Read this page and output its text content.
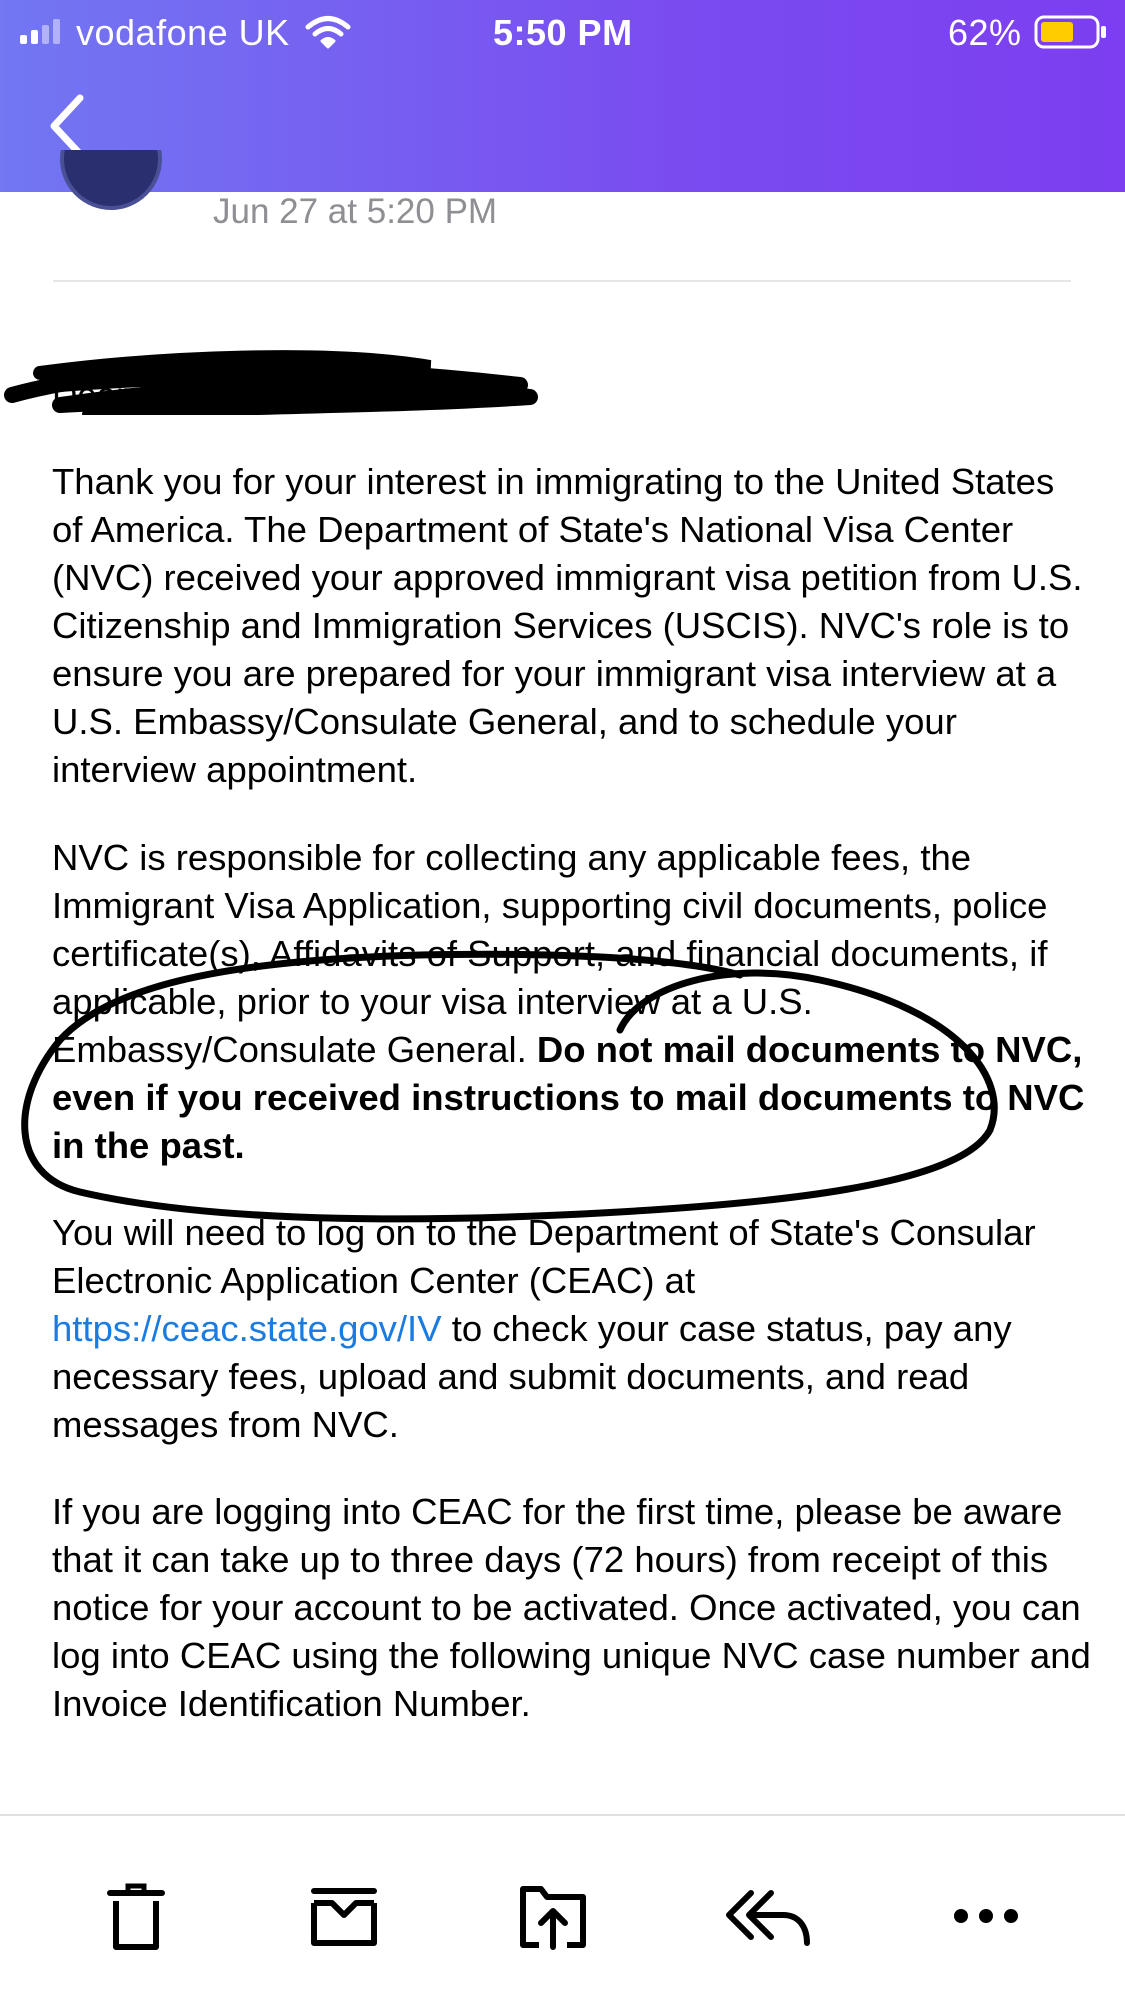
vodafone UK	5:50 PM	62%
Jun 27 at 5:20 PM
Dear N
Thank you for your interest in immigrating to the United States of America. The Department of State's National Visa Center (NVC) received your approved immigrant visa petition from U.S. Citizenship and Immigration Services (USCIS). NVC's role is to ensure you are prepared for your immigrant visa interview at a U.S. Embassy/Consulate General, and to schedule your interview appointment.
NVC is responsible for collecting any applicable fees, the Immigrant Visa Application, supporting civil documents, police certificate(s), Affidavits of Support, and financial documents, if applicable, prior to your visa interview at a U.S. Embassy/Consulate General. Do not mail documents to NVC, even if you received instructions to mail documents to NVC in the past.
You will need to log on to the Department of State's Consular Electronic Application Center (CEAC) at https://ceac.state.gov/IV to check your case status, pay any necessary fees, upload and submit documents, and read messages from NVC.
If you are logging into CEAC for the first time, please be aware that it can take up to three days (72 hours) from receipt of this notice for your account to be activated. Once activated, you can log into CEAC using the following unique NVC case number and Invoice Identification Number.
